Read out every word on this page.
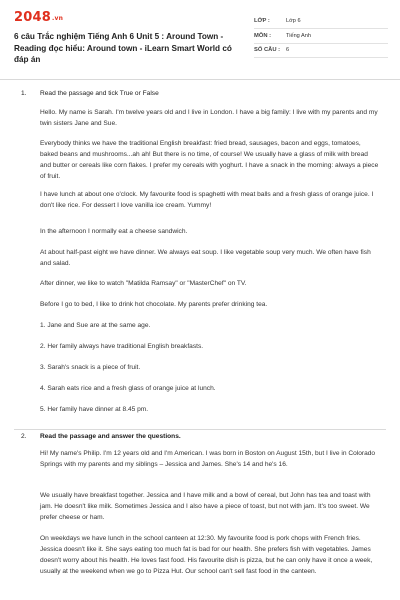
2048.vn
6 câu Trắc nghiệm Tiếng Anh 6 Unit 5 : Around Town - Reading đọc hiểu: Around town - iLearn Smart World có đáp án
LỚP :	Lớp 6
MÔN :	Tiếng Anh
SỐ CÂU :	6
1. Read the passage and tick True or False
Hello. My name is Sarah. I'm twelve years old and I live in London. I have a big family: I live with my parents and my twin sisters Jane and Sue.
Everybody thinks we have the traditional English breakfast: fried bread, sausages, bacon and eggs, tomatoes, baked beans and mushrooms...ah ah! But there is no time, of course! We usually have a glass of milk with bread and butter or cereals like corn flakes. I prefer my cereals with yoghurt. I have a snack in the morning: always a piece of fruit.
I have lunch at about one o'clock. My favourite food is spaghetti with meat balls and a fresh glass of orange juice. I don't like rice. For dessert I love vanilla ice cream. Yummy!
In the afternoon I normally eat a cheese sandwich.
At about half-past eight we have dinner. We always eat soup. I like vegetable soup very much. We often have fish and salad.
After dinner, we like to watch "Matilda Ramsay" or "MasterChef" on TV.
Before I go to bed, I like to drink hot chocolate. My parents prefer drinking tea.
1. Jane and Sue are at the same age.
2. Her family always have traditional English breakfasts.
3. Sarah's snack is a piece of fruit.
4. Sarah eats rice and a fresh glass of orange juice at lunch.
5. Her family have dinner at 8.45 pm.
2. Read the passage and answer the questions.
Hi! My name's Philip. I'm 12 years old and I'm American. I was born in Boston on August 15th, but I live in Colorado Springs with my parents and my siblings – Jessica and James. She's 14 and he's 16.
We usually have breakfast together. Jessica and I have milk and a bowl of cereal, but John has tea and toast with jam. He doesn't like milk. Sometimes Jessica and I also have a piece of toast, but not with jam. It's too sweet. We prefer cheese or ham.
On weekdays we have lunch in the school canteen at 12:30. My favourite food is pork chops with French fries. Jessica doesn't like it. She says eating too much fat is bad for our health. She prefers fish with vegetables. James doesn't worry about his health. He loves fast food. His favourite dish is pizza, but he can only have it once a week, usually at the weekend when we go to Pizza Hut. Our school can't sell fast food in the canteen.
